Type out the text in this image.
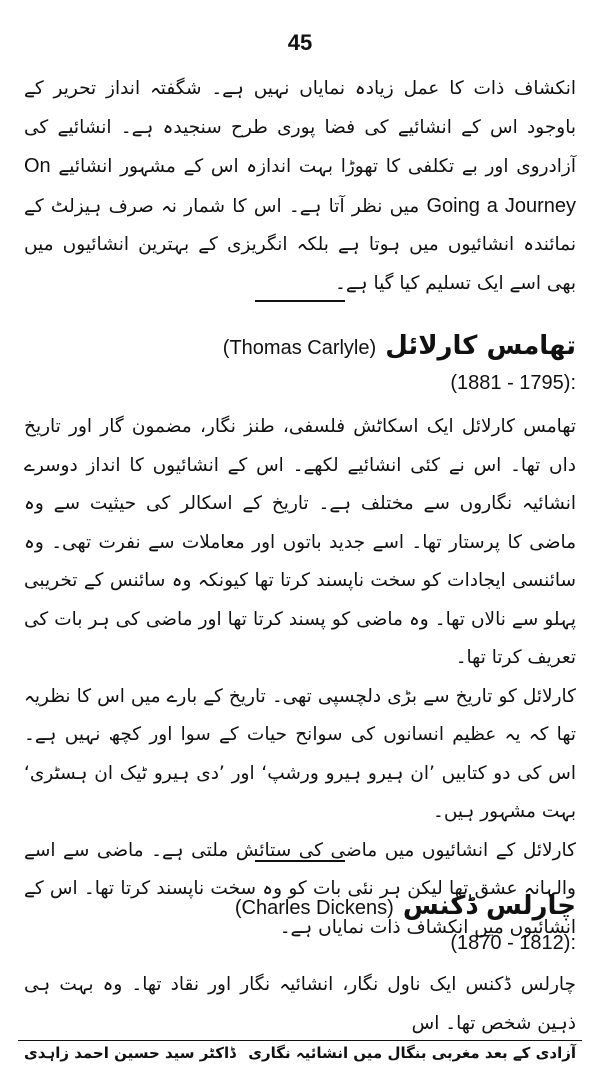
45

انکشاف ذات کا عمل زیادہ نمایاں نہیں ہے۔ شگفتہ انداز تحریر کے باوجود اس کے انشائیے کی فضا پوری طرح سنجیدہ ہے۔ انشائیے کی آزادروی اور بے تکلفی کا تھوڑا بہت اندازہ اس کے مشہور انشائیے On Going a Journey میں نظر آتا ہے۔ اس کا شمار نہ صرف ہیزلٹ کے نمائندہ انشائیوں میں ہوتا ہے بلکہ انگریزی کے بہترین انشائیوں میں بھی اسے ایک تسلیم کیا گیا ہے۔

تھامس کارلائل (Thomas Carlyle)
(1881 - 1795):

تھامس کارلائل ایک اسکاٹش فلسفی، طنز نگار، مضمون گار اور تاریخ داں تھا۔ اس نے کئی انشائیے لکھے۔ اس کے انشائیوں کا انداز دوسرے انشائیہ نگاروں سے مختلف ہے۔ تاریخ کے اسکالر کی حیثیت سے وہ ماضی کا پرستار تھا۔ اسے جدید باتوں اور معاملات سے نفرت تھی۔ وہ سائنسی ایجادات کو سخت ناپسند کرتا تھا کیونکہ وہ سائنس کے تخریبی پہلو سے نالاں تھا۔ وہ ماضی کو پسند کرتا تھا اور ماضی کی ہر بات کی تعریف کرتا تھا۔

کارلائل کو تاریخ سے بڑی دلچسپی تھی۔ تاریخ کے بارے میں اس کا نظریہ تھا کہ یہ عظیم انسانوں کی سوانح حیات کے سوا اور کچھ نہیں ہے۔ اس کی دو کتابیں ’ان ہیرو ہیرو ورشپ‘ اور ’دی ہیرو ٹیک ان ہسٹری‘ بہت مشہور ہیں۔

کارلائل کے انشائیوں میں ماضی کی ستائش ملتی ہے۔ ماضی سے اسے والہانہ عشق تھا لیکن ہر نئی بات کو وہ سخت ناپسند کرتا تھا۔ اس کے انشائیوں میں انکشاف ذات نمایاں ہے۔

چارلس ڈکنس (Charles Dickens)
(1870 - 1812):

چارلس ڈکنس ایک ناول نگار، انشائیہ نگار اور نقاد تھا۔ وہ بہت ہی ذہین شخص تھا۔ اس

آزادی کے بعد مغربی بنگال میں انشائیہ نگاری
ڈاکٹر سید حسین احمد زاہدی
